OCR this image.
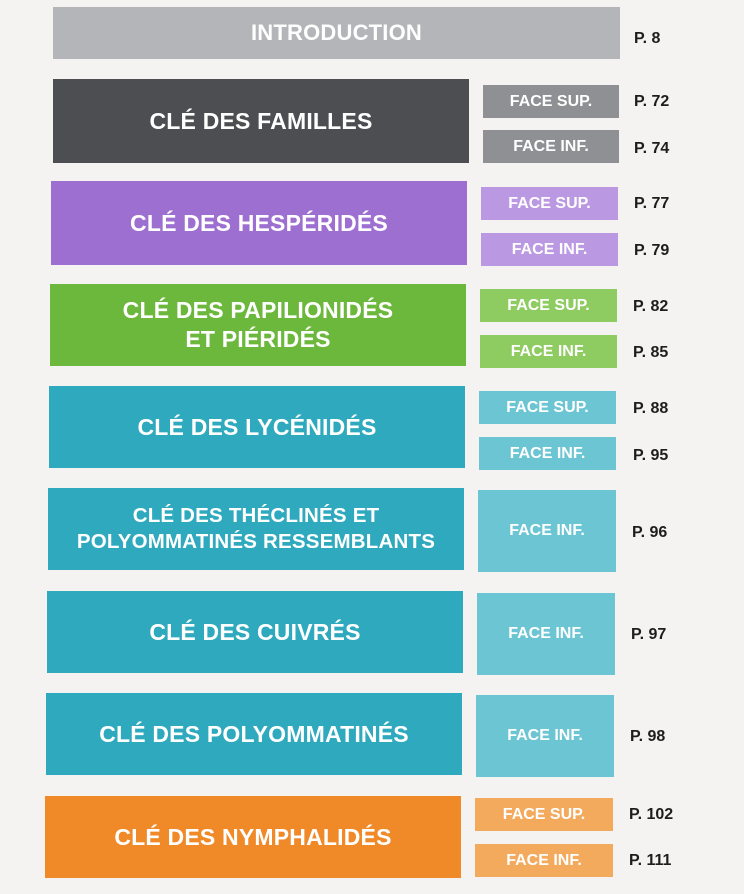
INTRODUCTION	P. 8
CLÉ DES FAMILLES
FACE SUP.	P. 72
FACE INF.	P. 74
CLÉ DES HESPÉRIDÉS
FACE SUP.	P. 77
FACE INF.	P. 79
CLÉ DES PAPILIONIDÉS
ET PIÉRIDÉS
FACE SUP.	P. 82
FACE INF.	P. 85
CLÉ DES LYCÉNIDÉS
FACE SUP.	P. 88
FACE INF.	P. 95
CLÉ DES THÉCLINÉS ET
POLYOMMATINÉS RESSEMBLANTS	FACE INF.	P. 96
CLÉ DES CUIVRÉS	FACE INF.	P. 97
CLÉ DES POLYOMMATINÉS	FACE INF.	P. 98
CLÉ DES NYMPHALIDÉS
FACE SUP.	P. 102
FACE INF.	P. 111
